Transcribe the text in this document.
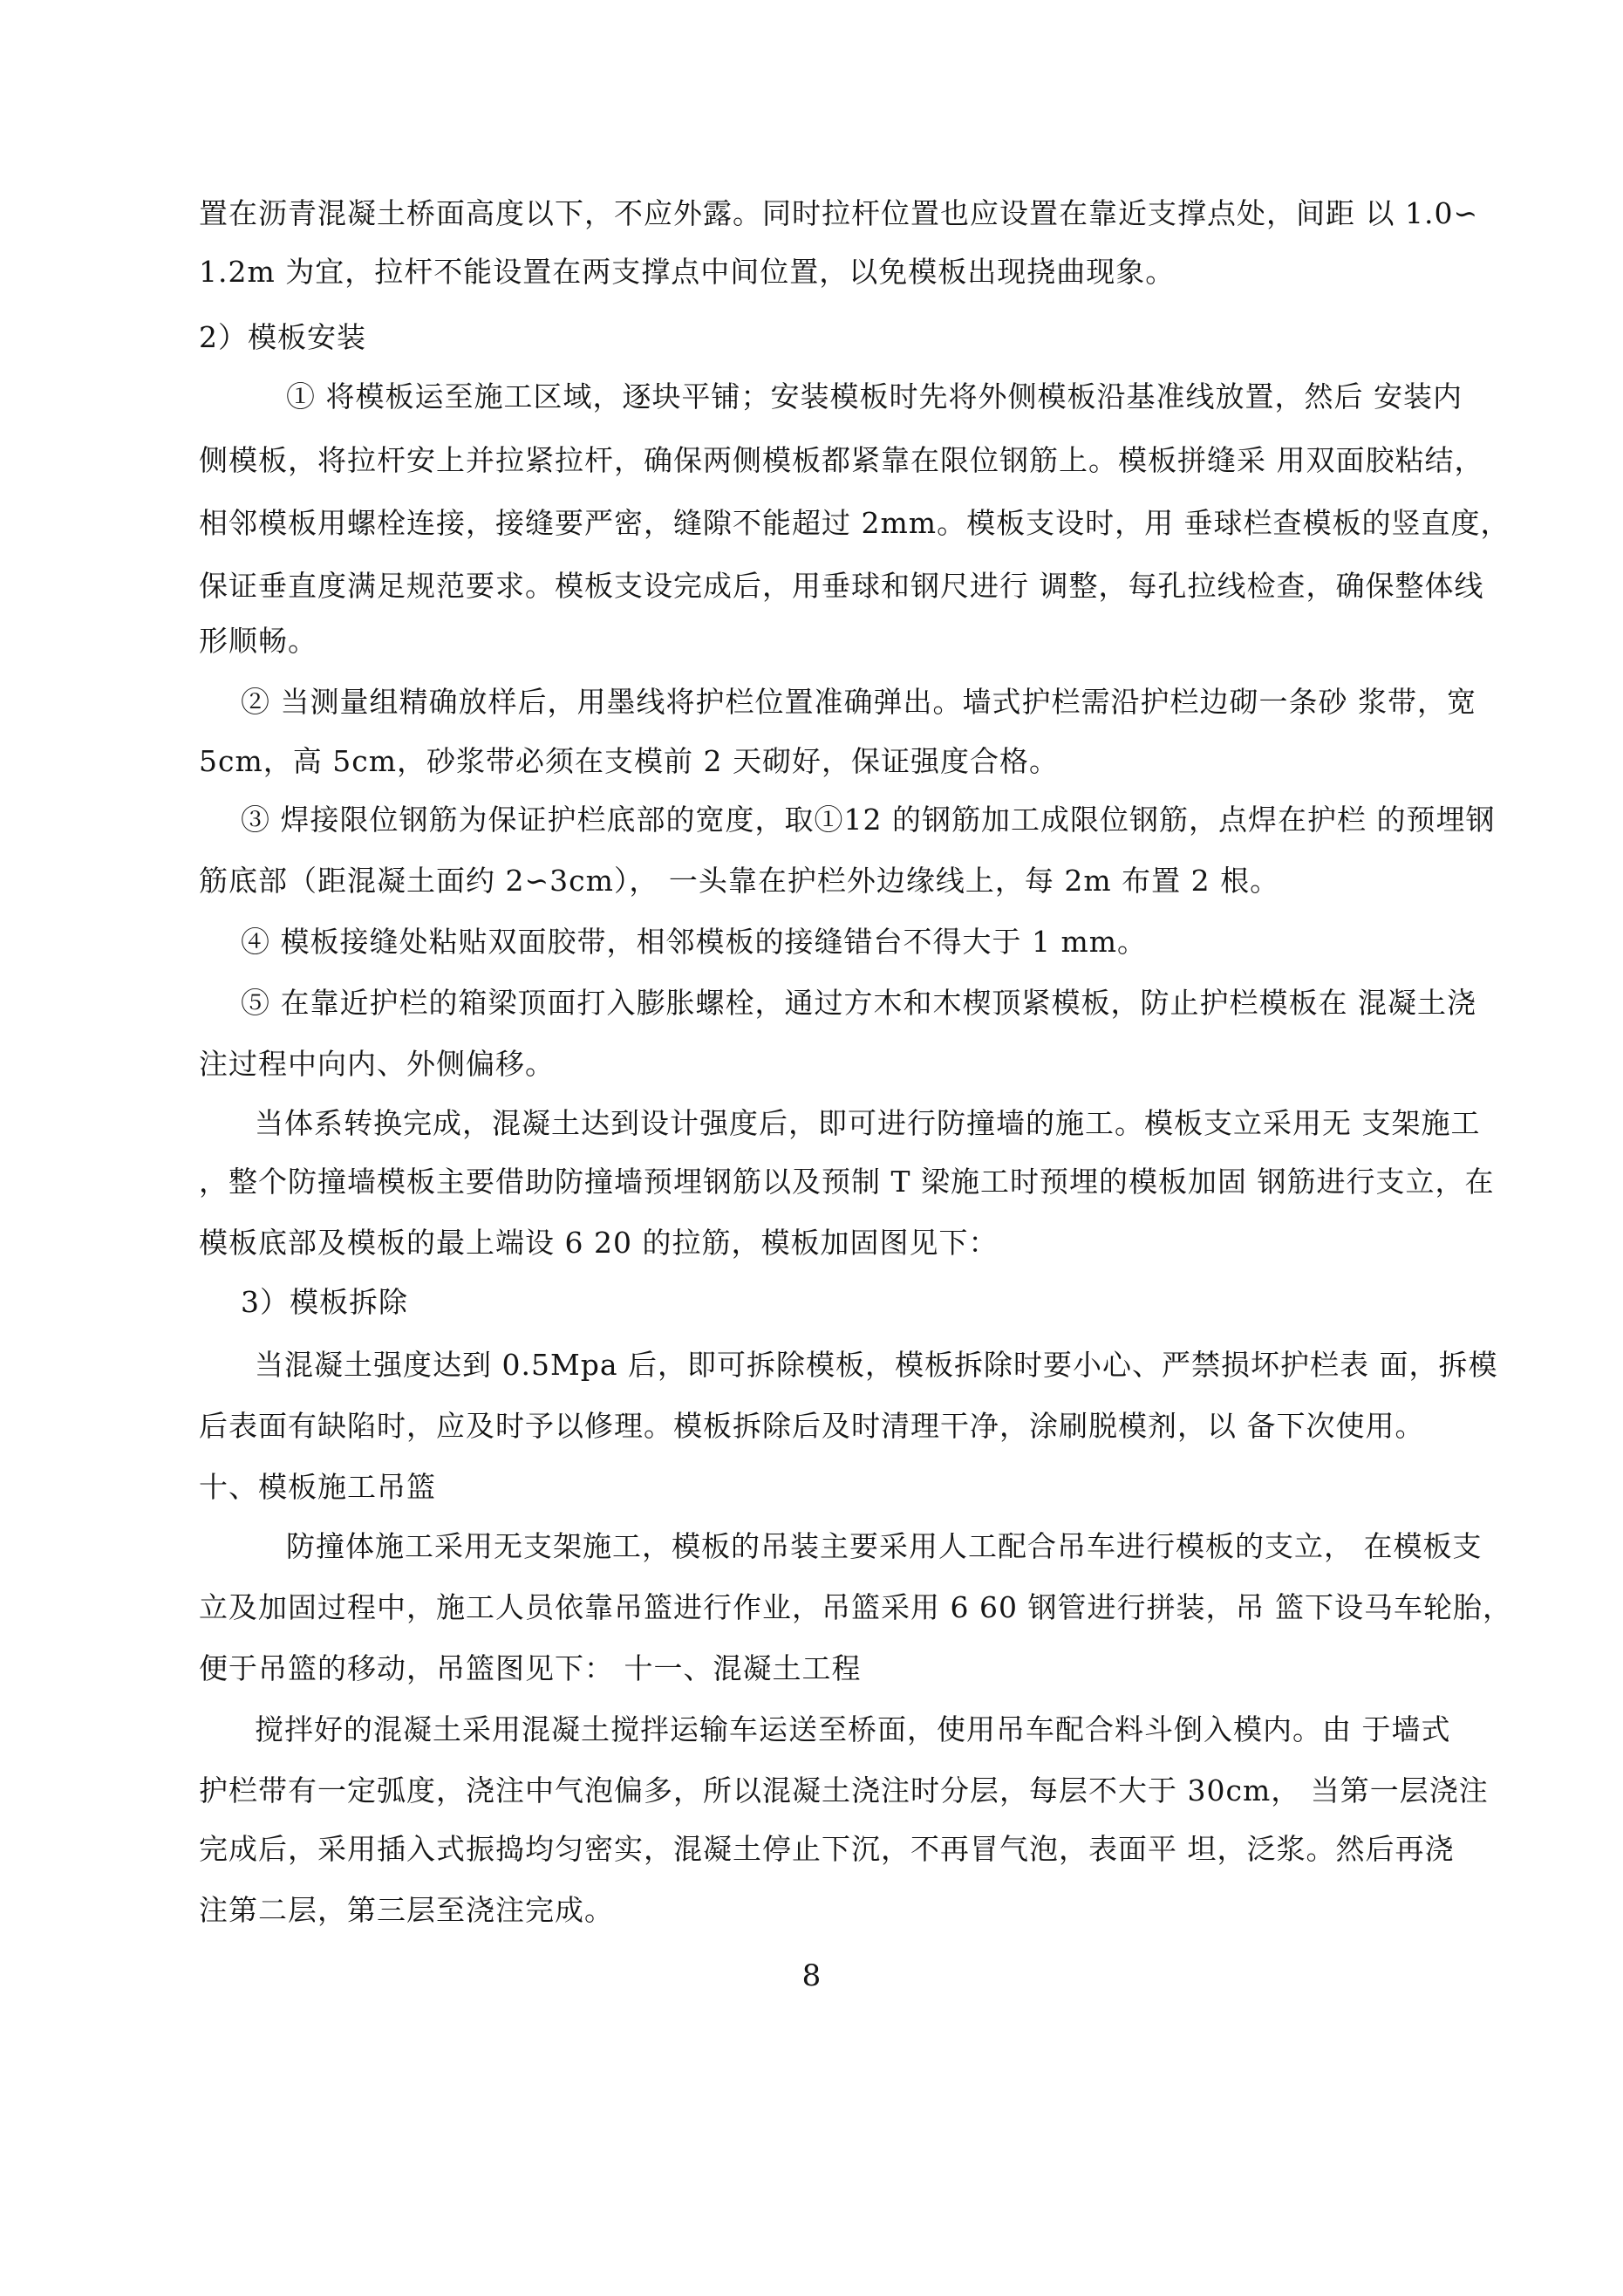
置在沥青混凝土桥面高度以下，不应外露。同时拉杆位置也应设置在靠近支撑点处，间距 以 1.0∽
1.2m 为宜，拉杆不能设置在两支撑点中间位置，以免模板出现挠曲现象。
2）模板安装
① 将模板运至施工区域，逐块平铺；安装模板时先将外侧模板沿基准线放置，然后 安装内
侧模板，将拉杆安上并拉紧拉杆，确保两侧模板都紧靠在限位钢筋上。模板拼缝采 用双面胶粘结，
相邻模板用螺栓连接，接缝要严密，缝隙不能超过 2mm。模板支设时，用 垂球栏查模板的竖直度，
保证垂直度满足规范要求。模板支设完成后，用垂球和钢尺进行 调整，每孔拉线检查，确保整体线
形顺畅。
② 当测量组精确放样后，用墨线将护栏位置准确弹出。墙式护栏需沿护栏边砌一条砂 浆带，宽
5cm，高 5cm，砂浆带必须在支模前 2 天砌好，保证强度合格。
③ 焊接限位钢筋为保证护栏底部的宽度，取①12 的钢筋加工成限位钢筋，点焊在护栏 的预埋钢
筋底部（距混凝土面约 2∽3cm）， 一头靠在护栏外边缘线上，每 2m 布置 2 根。
④ 模板接缝处粘贴双面胶带，相邻模板的接缝错台不得大于 1 mm。
⑤ 在靠近护栏的箱梁顶面打入膨胀螺栓，通过方木和木楔顶紧模板，防止护栏模板在 混凝土浇
注过程中向内、外侧偏移。
当体系转换完成，混凝土达到设计强度后，即可进行防撞墙的施工。模板支立采用无 支架施工
，整个防撞墙模板主要借助防撞墙预埋钢筋以及预制 T 梁施工时预埋的模板加固 钢筋进行支立，在
模板底部及模板的最上端设 6 20 的拉筋，模板加固图见下：
3）模板拆除
当混凝土强度达到 0.5Mpa 后，即可拆除模板，模板拆除时要小心、严禁损坏护栏表 面，拆模
后表面有缺陷时，应及时予以修理。模板拆除后及时清理干净，涂刷脱模剂，以 备下次使用。
十、模板施工吊篮
防撞体施工采用无支架施工，模板的吊装主要采用人工配合吊车进行模板的支立， 在模板支
立及加固过程中，施工人员依靠吊篮进行作业，吊篮采用 6 60 钢管进行拼装，吊 篮下设马车轮胎，
便于吊篮的移动，吊篮图见下： 十一、混凝土工程
搅拌好的混凝土采用混凝土搅拌运输车运送至桥面，使用吊车配合料斗倒入模内。由 于墙式
护栏带有一定弧度，浇注中气泡偏多，所以混凝土浇注时分层，每层不大于 30cm， 当第一层浇注
完成后，采用插入式振捣均匀密实，混凝土停止下沉，不再冒气泡，表面平 坦，泛浆。然后再浇
注第二层，第三层至浇注完成。
8
